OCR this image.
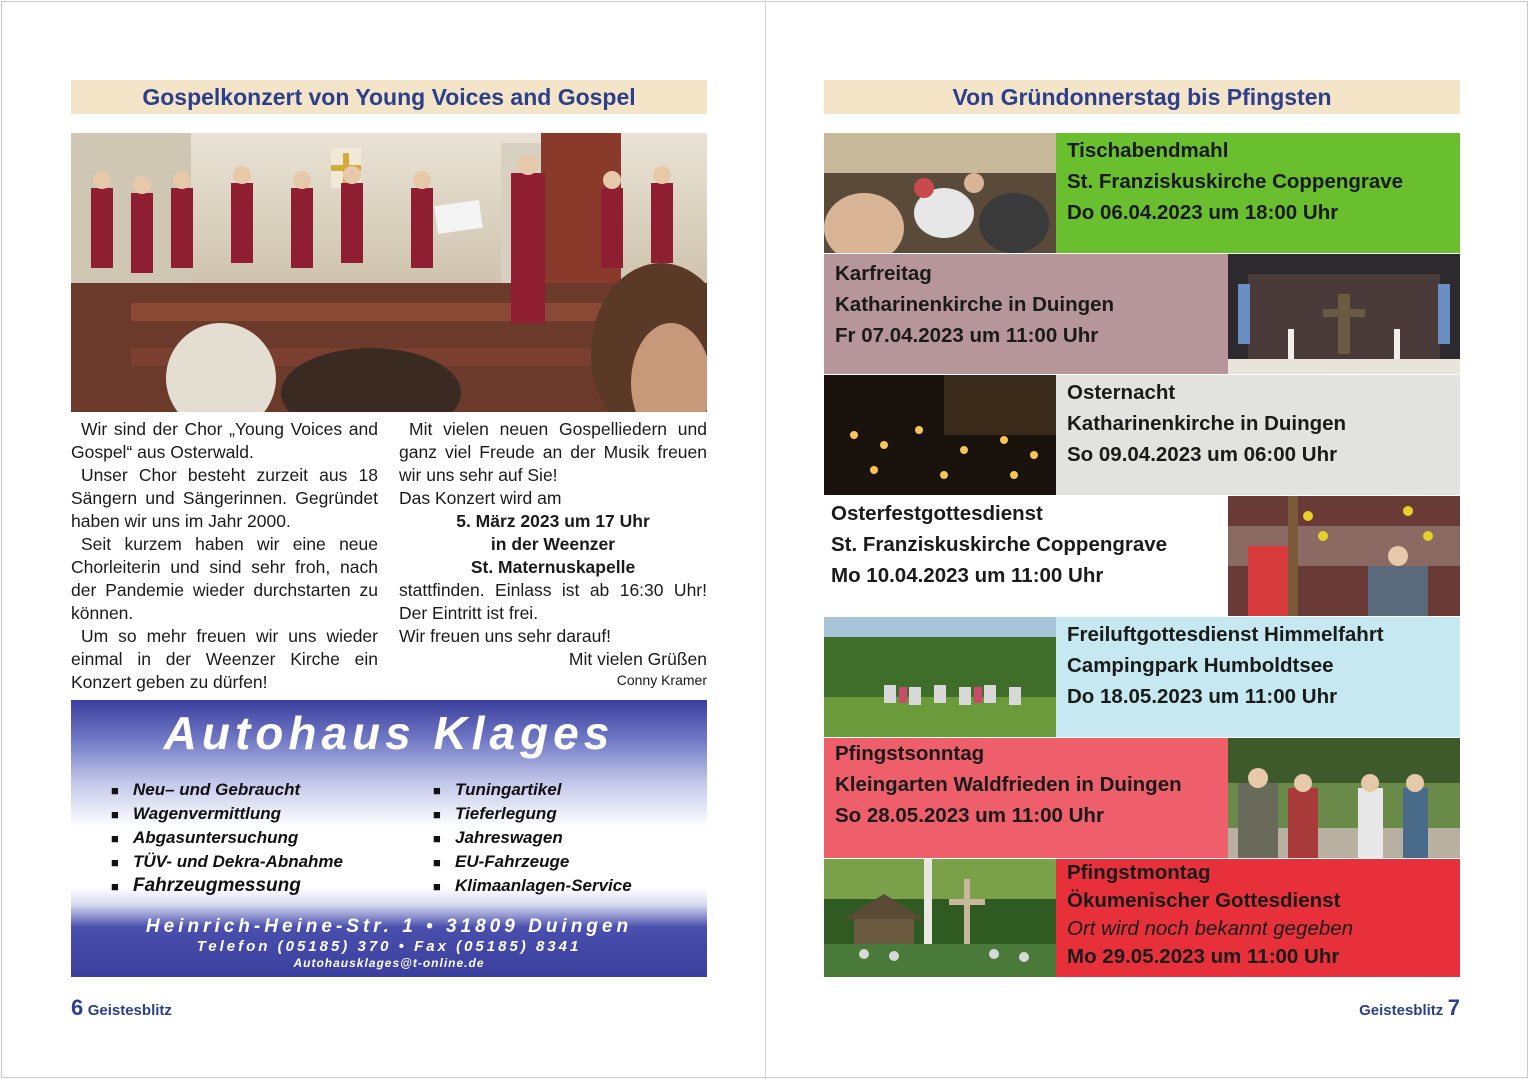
Gospelkonzert von Young Voices and Gospel

Wir sind der Chor „Young Voices and Gospel“ aus Osterwald.

Unser Chor besteht zurzeit aus 18 Sängern und Sängerinnen. Gegründet haben wir uns im Jahr 2000.

Seit kurzem haben wir eine neue Chorleiterin und sind sehr froh, nach der Pandemie wieder durchstarten zu können.

Um so mehr freuen wir uns wieder einmal in der Weenzer Kirche ein Konzert geben zu dürfen!

Mit vielen neuen Gospelliedern und ganz viel Freude an der Musik freuen wir uns sehr auf Sie!

Das Konzert wird am

5. März 2023 um 17 Uhr

in der Weenzer

St. Maternuskapelle

stattfinden. Einlass ist ab 16:30 Uhr! Der Eintritt ist frei.

Wir freuen uns sehr darauf!

Mit vielen Grüßen

Conny Kramer

Autohaus Klages
■ Neu– und Gebraucht
■ Wagenvermittlung
■ Abgasuntersuchung
■ TÜV- und Dekra-Abnahme
■ Fahrzeugmessung
■ Tuningartikel
■ Tieferlegung
■ Jahreswagen
■ EU-Fahrzeuge
■ Klimaanlagen-Service
Heinrich-Heine-Str. 1 • 31809 Duingen
Telefon (05185) 370 • Fax (05185) 8341
Autohausklages@t-online.de
6 Geistesblitz
Von Gründonnerstag bis Pfingsten
Tischabendmahl
St. Franziskuskirche Coppengrave
Do 06.04.2023 um 18:00 Uhr
Karfreitag
Katharinenkirche in Duingen
Fr 07.04.2023 um 11:00 Uhr
Osternacht
Katharinenkirche in Duingen
So 09.04.2023 um 06:00 Uhr
Osterfestgottesdienst
St. Franziskuskirche Coppengrave
Mo 10.04.2023 um 11:00 Uhr
Freiluftgottesdienst Himmelfahrt
Campingpark Humboldtsee
Do 18.05.2023 um 11:00 Uhr
Pfingstsonntag
Kleingarten Waldfrieden in Duingen
So 28.05.2023 um 11:00 Uhr
Pfingstmontag
Ökumenischer Gottesdienst
Ort wird noch bekannt gegeben
Mo 29.05.2023 um 11:00 Uhr
Geistesblitz 7
